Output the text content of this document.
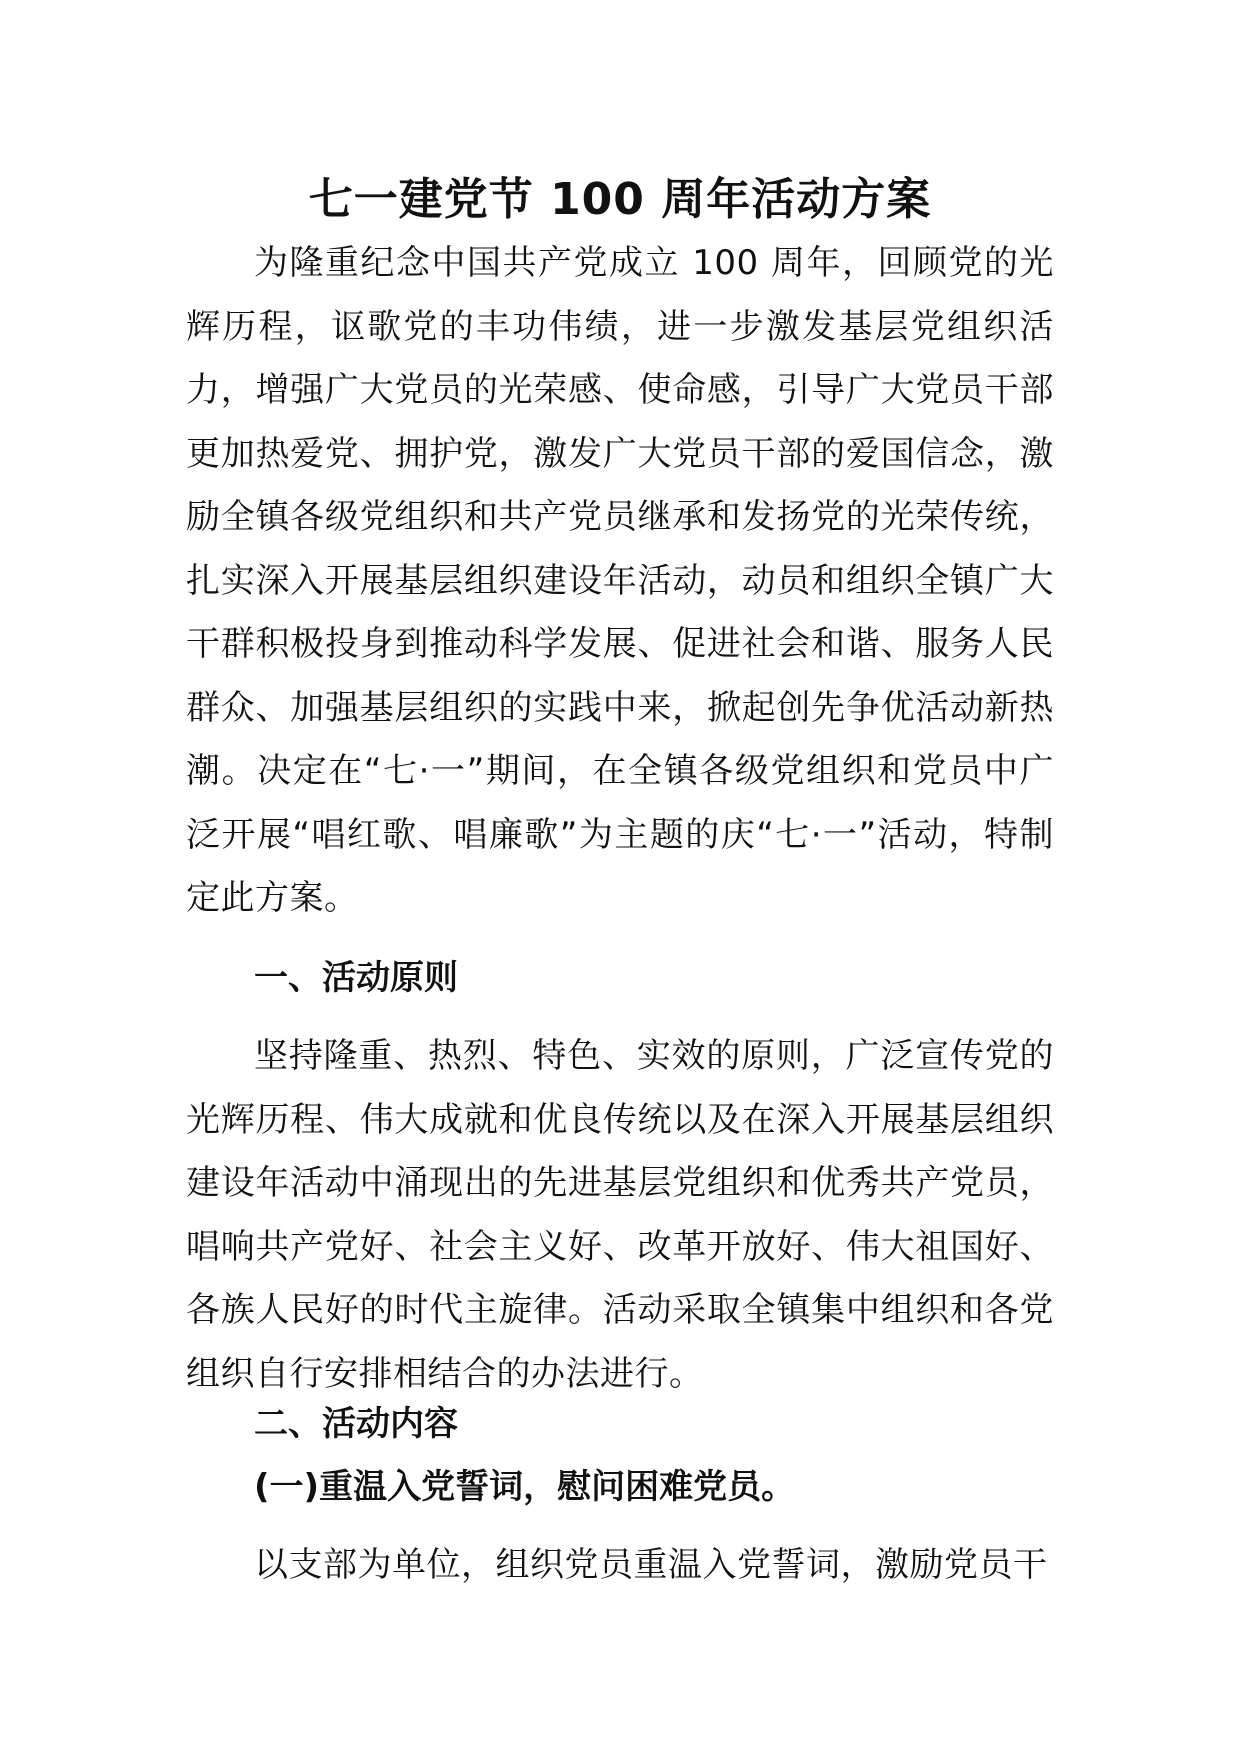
七一建党节 100 周年活动方案

为隆重纪念中国共产党成立 100 周年，回顾党的光辉历程，讴歌党的丰功伟绩，进一步激发基层党组织活力，增强广大党员的光荣感、使命感，引导广大党员干部更加热爱党、拥护党，激发广大党员干部的爱国信念，激励全镇各级党组织和共产党员继承和发扬党的光荣传统，扎实深入开展基层组织建设年活动，动员和组织全镇广大干群积极投身到推动科学发展、促进社会和谐、服务人民群众、加强基层组织的实践中来，掀起创先争优活动新热潮。决定在“七·一”期间，在全镇各级党组织和党员中广泛开展“唱红歌、唱廉歌”为主题的庆“七·一”活动，特制定此方案。

一、活动原则

坚持隆重、热烈、特色、实效的原则，广泛宣传党的光辉历程、伟大成就和优良传统以及在深入开展基层组织建设年活动中涌现出的先进基层党组织和优秀共产党员，唱响共产党好、社会主义好、改革开放好、伟大祖国好、各族人民好的时代主旋律。活动采取全镇集中组织和各党组织自行安排相结合的办法进行。

二、活动内容
(一)重温入党誓词，慰问困难党员。

以支部为单位，组织党员重温入党誓词，激励党员干
